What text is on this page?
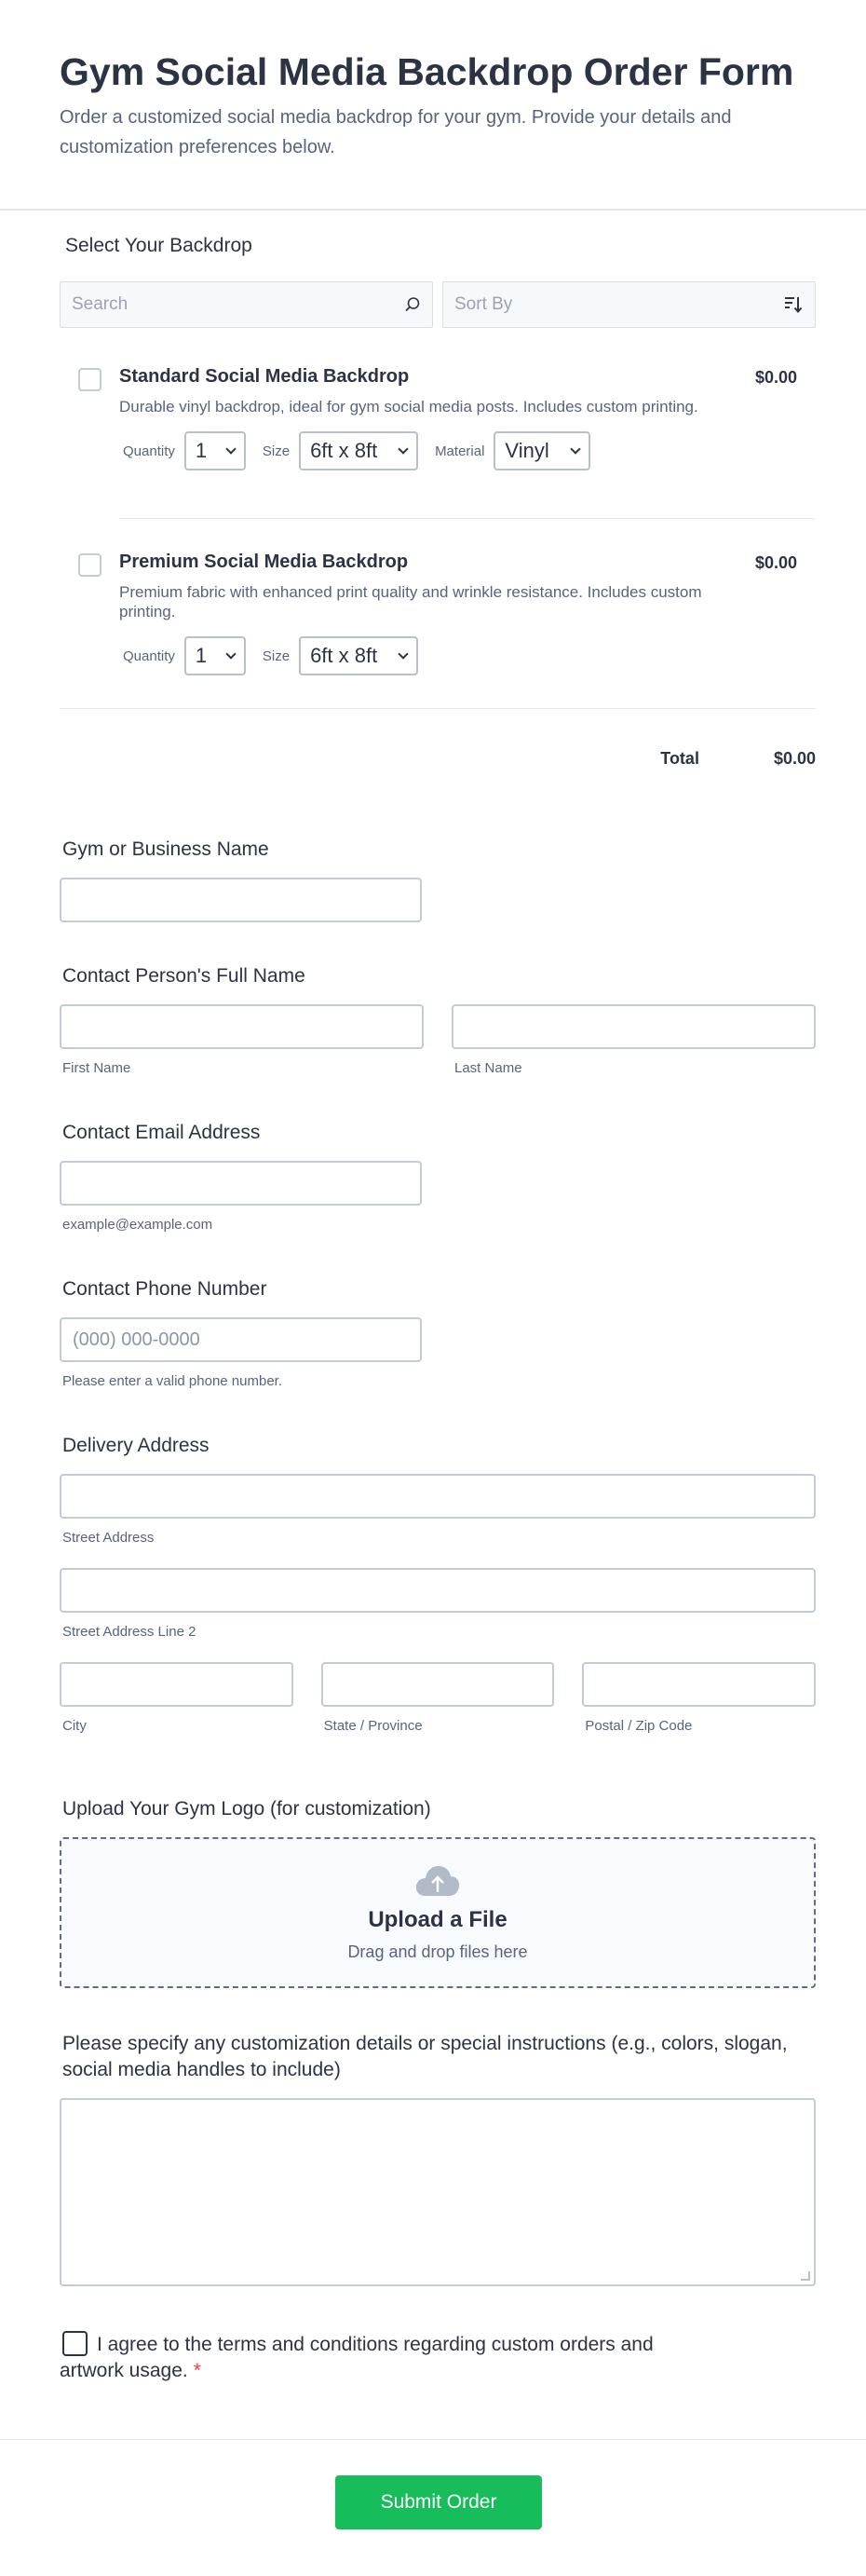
Gym Social Media Backdrop Order Form

Order a customized social media backdrop for your gym. Provide your details and customization preferences below.

Select Your Backdrop
Search	Sort By
Standard Social Media Backdrop
Durable vinyl backdrop, ideal for gym social media posts. Includes custom printing.
Quantity 1	Size 6ft x 8ft	Material Vinyl
$0.00
Premium Social Media Backdrop
Premium fabric with enhanced print quality and wrinkle resistance. Includes custom printing.
Quantity 1	Size 6ft x 8ft
$0.00
Total	$0.00
Gym or Business Name
Contact Person's Full Name
First Name	Last Name
Contact Email Address
example@example.com
Contact Phone Number
(000) 000-0000
Please enter a valid phone number.
Delivery Address
Street Address
Street Address Line 2
City	State / Province	Postal / Zip Code
Upload Your Gym Logo (for customization)
Upload a File
Drag and drop files here
Please specify any customization details or special instructions (e.g., colors, slogan, social media handles to include)
I agree to the terms and conditions regarding custom orders and artwork usage. *
Submit Order
